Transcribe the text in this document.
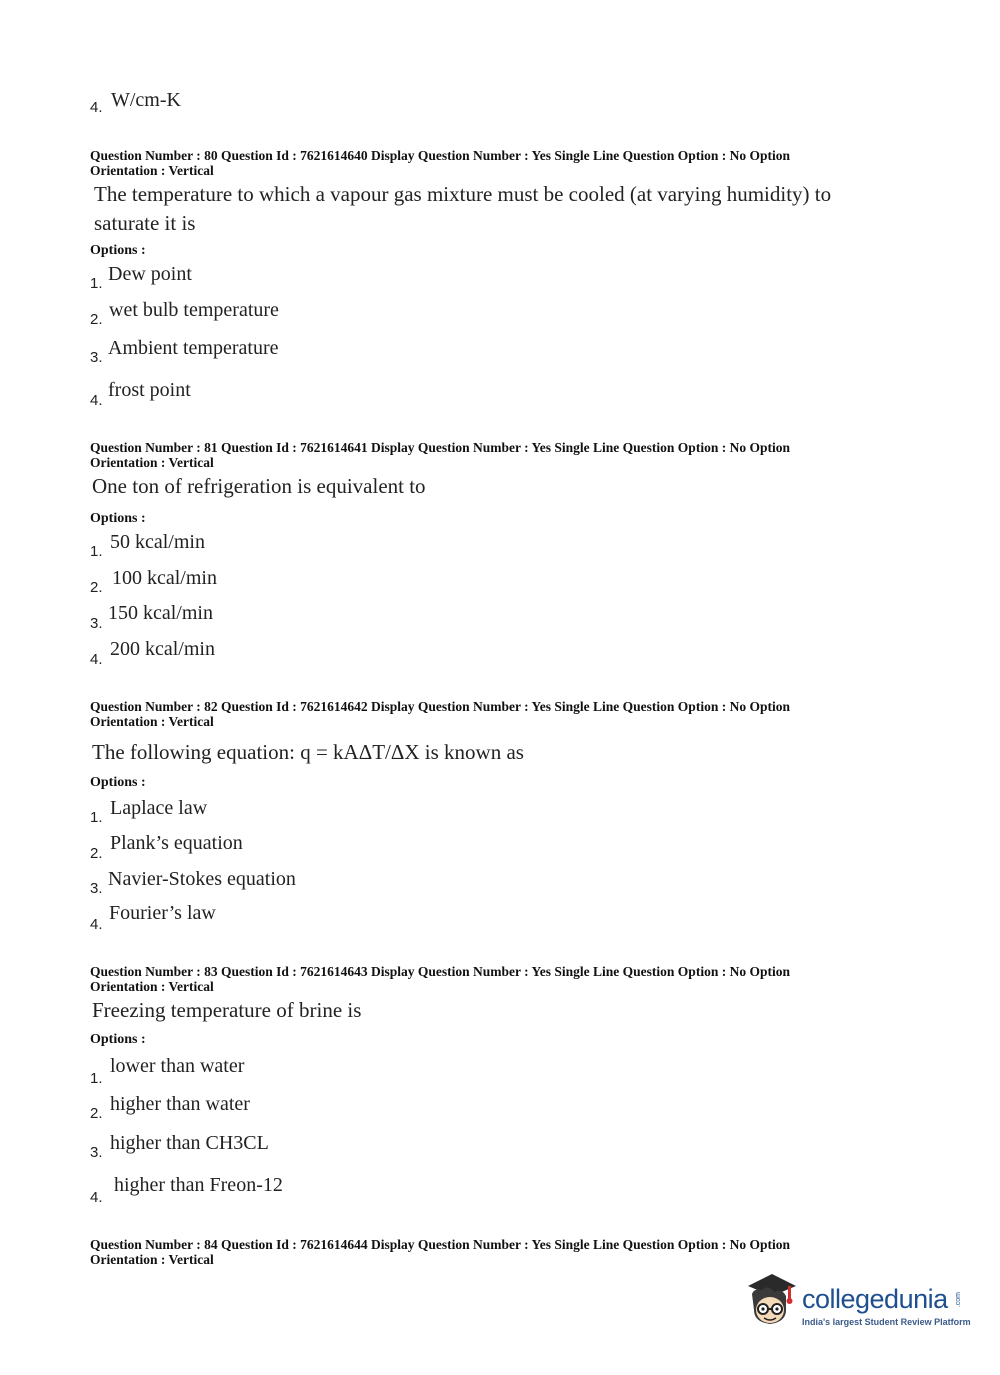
4. W/cm-K
Question Number : 80 Question Id : 7621614640 Display Question Number : Yes Single Line Question Option : No Option
Orientation : Vertical
The temperature to which a vapour gas mixture must be cooled (at varying humidity) to
saturate it is
Options :
1. Dew point
2. wet bulb temperature
3. Ambient temperature
4. frost point
Question Number : 81 Question Id : 7621614641 Display Question Number : Yes Single Line Question Option : No Option
Orientation : Vertical
One ton of refrigeration is equivalent to
Options :
1. 50 kcal/min
2. 100 kcal/min
3. 150 kcal/min
4. 200 kcal/min
Question Number : 82 Question Id : 7621614642 Display Question Number : Yes Single Line Question Option : No Option
Orientation : Vertical
The following equation: q = kAΔT/ΔX is known as
Options :
1. Laplace law
2. Plank’s equation
3. Navier-Stokes equation
4.
Fourier’s law
Question Number : 83 Question Id : 7621614643 Display Question Number : Yes Single Line Question Option : No Option
Orientation : Vertical
Freezing temperature of brine is
Options :
1.
lower than water
2. higher than water
3. higher than CH3CL
4.
higher than Freon-12
Question Number : 84 Question Id : 7621614644 Display Question Number : Yes Single Line Question Option : No Option
Orientation : Vertical
collegedunia .com
India's largest Student Review Platform
